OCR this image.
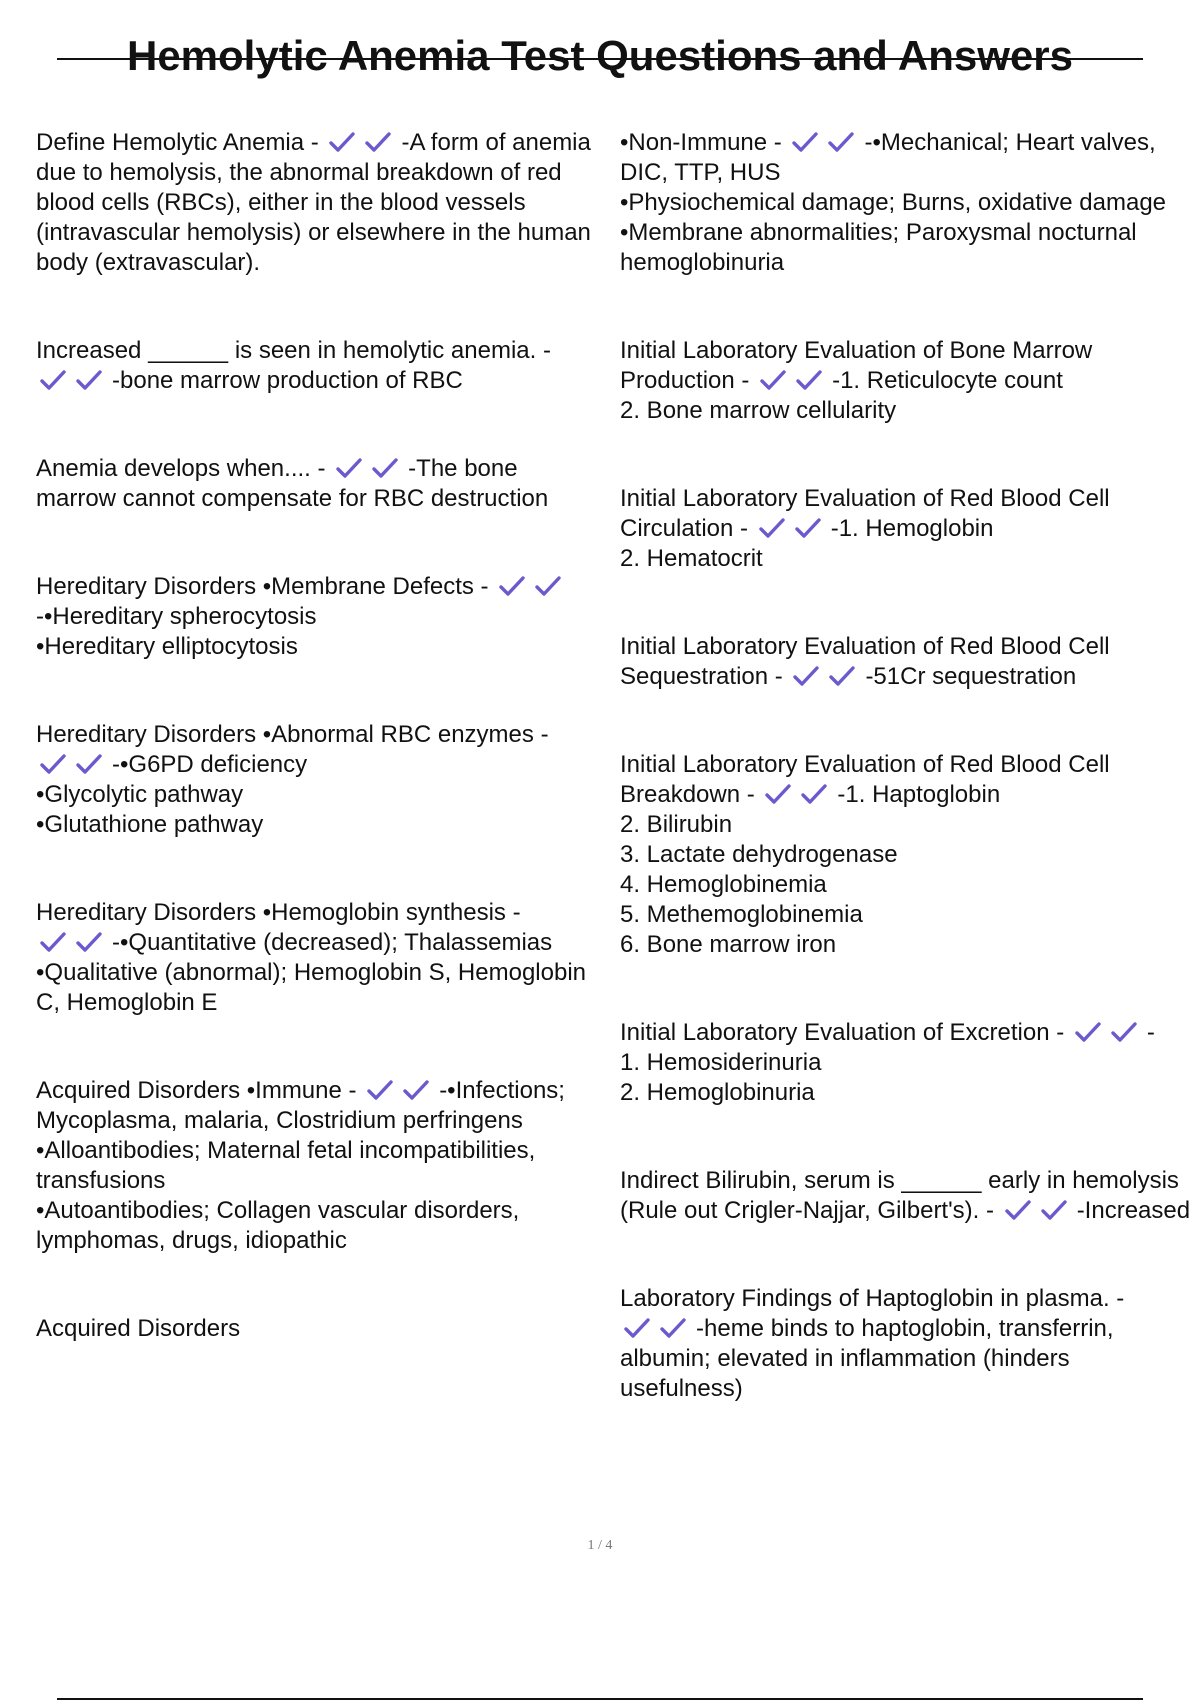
Hemolytic Anemia Test Questions and Answers
Define Hemolytic Anemia -	-A form of anemia due to hemolysis, the abnormal breakdown of red blood cells (RBCs), either in the blood vessels (intravascular hemolysis) or elsewhere in the human body (extravascular).
Increased ______ is seen in hemolytic anemia. - -bone marrow production of RBC
Anemia develops when.... -	-The bone marrow cannot compensate for RBC destruction
Hereditary Disorders •Membrane Defects - -•Hereditary spherocytosis
•Hereditary elliptocytosis
Hereditary Disorders •Abnormal RBC enzymes - -•G6PD deficiency
•Glycolytic pathway
•Glutathione pathway
Hereditary Disorders •Hemoglobin synthesis - -•Quantitative (decreased); Thalassemias
•Qualitative (abnormal); Hemoglobin S, Hemoglobin C, Hemoglobin E
Acquired Disorders •Immune -	-•Infections; Mycoplasma, malaria, Clostridium perfringens
•Alloantibodies; Maternal fetal incompatibilities, transfusions
•Autoantibodies; Collagen vascular disorders, lymphomas, drugs, idiopathic
Acquired Disorders
•Non-Immune -	-•Mechanical; Heart valves, DIC, TTP, HUS
•Physiochemical damage; Burns, oxidative damage
•Membrane abnormalities; Paroxysmal nocturnal hemoglobinuria
Initial Laboratory Evaluation of Bone Marrow Production -	-1. Reticulocyte count
2. Bone marrow cellularity
Initial Laboratory Evaluation of Red Blood Cell Circulation -	-1. Hemoglobin
2. Hematocrit
Initial Laboratory Evaluation of Red Blood Cell Sequestration -	-51Cr sequestration
Initial Laboratory Evaluation of Red Blood Cell Breakdown -	-1. Haptoglobin
2. Bilirubin
3. Lactate dehydrogenase
4. Hemoglobinemia
5. Methemoglobinemia
6. Bone marrow iron
Initial Laboratory Evaluation of Excretion -	-
1. Hemosiderinuria
2. Hemoglobinuria
Indirect Bilirubin, serum is ______ early in hemolysis (Rule out Crigler-Najjar, Gilbert's). -	-Increased
Laboratory Findings of Haptoglobin in plasma. - -heme binds to haptoglobin, transferrin, albumin; elevated in inflammation (hinders usefulness)
1 / 4
